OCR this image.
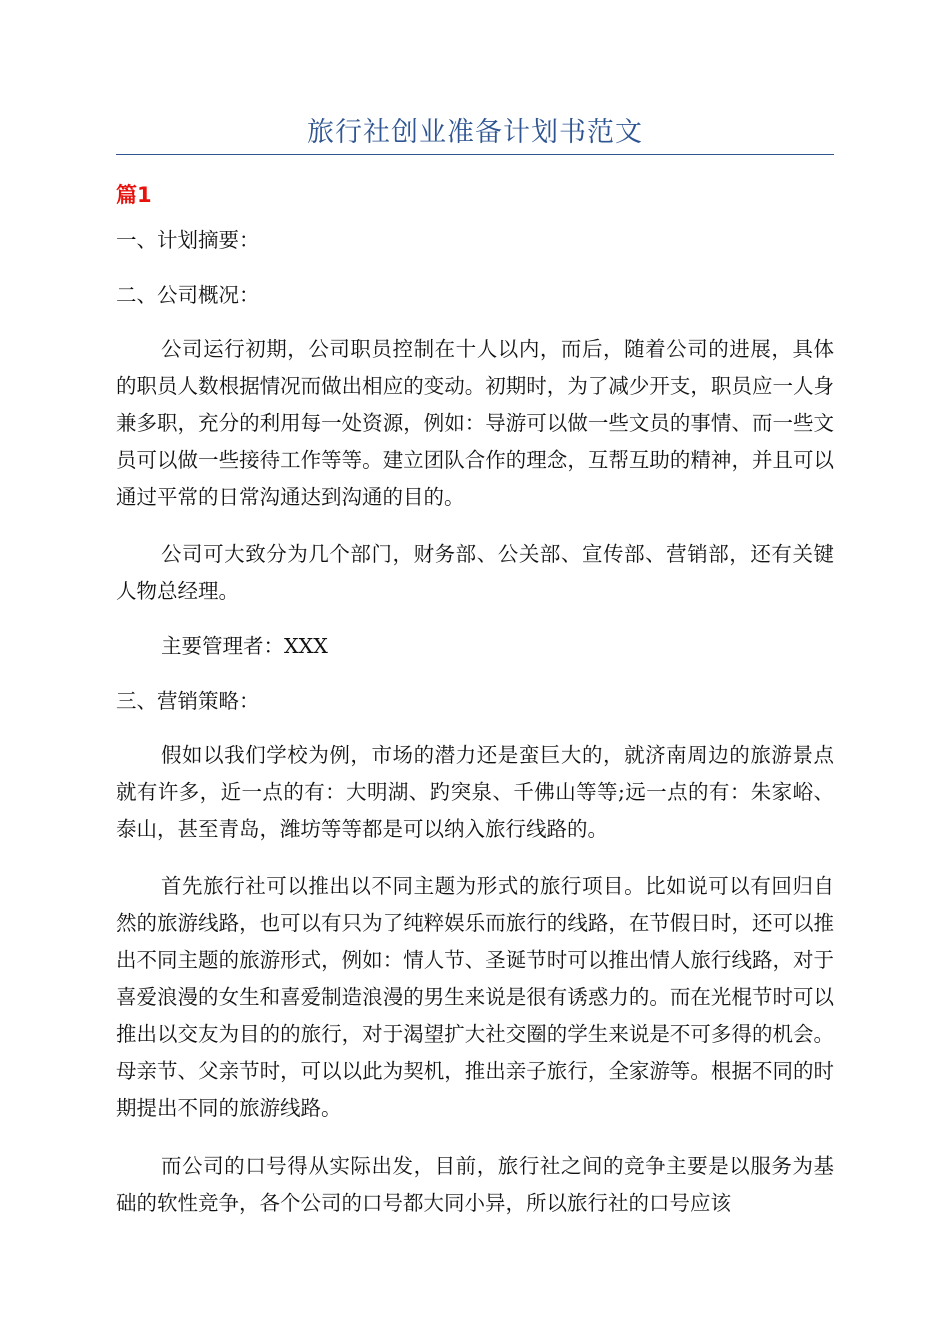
旅行社创业准备计划书范文
篇1

一、计划摘要：

二、公司概况：

公司运行初期，公司职员控制在十人以内，而后，随着公司的进展，具体的职员人数根据情况而做出相应的变动。初期时，为了减少开支，职员应一人身兼多职，充分的利用每一处资源，例如：导游可以做一些文员的事情、而一些文员可以做一些接待工作等等。建立团队合作的理念，互帮互助的精神，并且可以通过平常的日常沟通达到沟通的目的。

公司可大致分为几个部门，财务部、公关部、宣传部、营销部，还有关键人物总经理。

主要管理者：XXX

三、营销策略：

假如以我们学校为例，市场的潜力还是蛮巨大的，就济南周边的旅游景点就有许多，近一点的有：大明湖、趵突泉、千佛山等等;远一点的有：朱家峪、泰山，甚至青岛，潍坊等等都是可以纳入旅行线路的。

首先旅行社可以推出以不同主题为形式的旅行项目。比如说可以有回归自然的旅游线路，也可以有只为了纯粹娱乐而旅行的线路，在节假日时，还可以推出不同主题的旅游形式，例如：情人节、圣诞节时可以推出情人旅行线路，对于喜爱浪漫的女生和喜爱制造浪漫的男生来说是很有诱惑力的。而在光棍节时可以推出以交友为目的的旅行，对于渴望扩大社交圈的学生来说是不可多得的机会。母亲节、父亲节时，可以以此为契机，推出亲子旅行，全家游等。根据不同的时期提出不同的旅游线路。

而公司的口号得从实际出发，目前，旅行社之间的竞争主要是以服务为基础的软性竞争，各个公司的口号都大同小异，所以旅行社的口号应该
